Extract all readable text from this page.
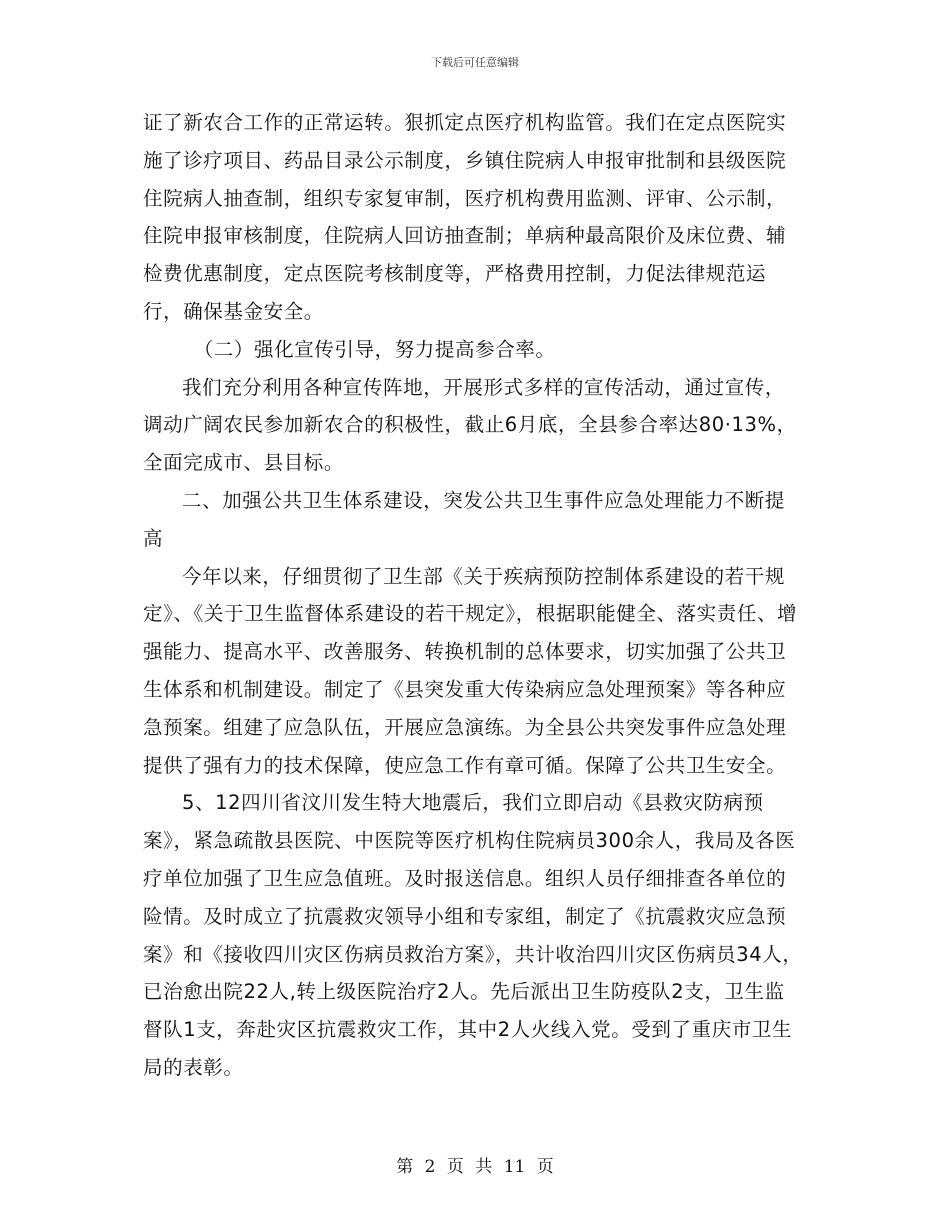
下载后可任意编辑

证了新农合工作的正常运转。狠抓定点医疗机构监管。我们在定点医院实施了诊疗项目、药品目录公示制度，乡镇住院病人申报审批制和县级医院住院病人抽查制，组织专家复审制，医疗机构费用监测、评审、公示制，住院申报审核制度，住院病人回访抽查制；单病种最高限价及床位费、辅检费优惠制度，定点医院考核制度等，严格费用控制，力促法律规范运行，确保基金安全。

（二）强化宣传引导，努力提高参合率。

我们充分利用各种宣传阵地，开展形式多样的宣传活动，通过宣传，调动广阔农民参加新农合的积极性，截止6月底，全县参合率达80·13%，全面完成市、县目标。

二、加强公共卫生体系建设，突发公共卫生事件应急处理能力不断提高

今年以来，仔细贯彻了卫生部《关于疾病预防控制体系建设的若干规定》、《关于卫生监督体系建设的若干规定》，根据职能健全、落实责任、增强能力、提高水平、改善服务、转换机制的总体要求，切实加强了公共卫生体系和机制建设。制定了《县突发重大传染病应急处理预案》等各种应急预案。组建了应急队伍，开展应急演练。为全县公共突发事件应急处理提供了强有力的技术保障，使应急工作有章可循。保障了公共卫生安全。

5、12四川省汶川发生特大地震后，我们立即启动《县救灾防病预案》，紧急疏散县医院、中医院等医疗机构住院病员300余人，我局及各医疗单位加强了卫生应急值班。及时报送信息。组织人员仔细排查各单位的险情。及时成立了抗震救灾领导小组和专家组，制定了《抗震救灾应急预案》和《接收四川灾区伤病员救治方案》，共计收治四川灾区伤病员34人，已治愈出院22人,转上级医院治疗2人。先后派出卫生防疫队2支，卫生监督队1支，奔赴灾区抗震救灾工作，其中2人火线入党。受到了重庆市卫生局的表彰。

第 2 页 共 11 页
